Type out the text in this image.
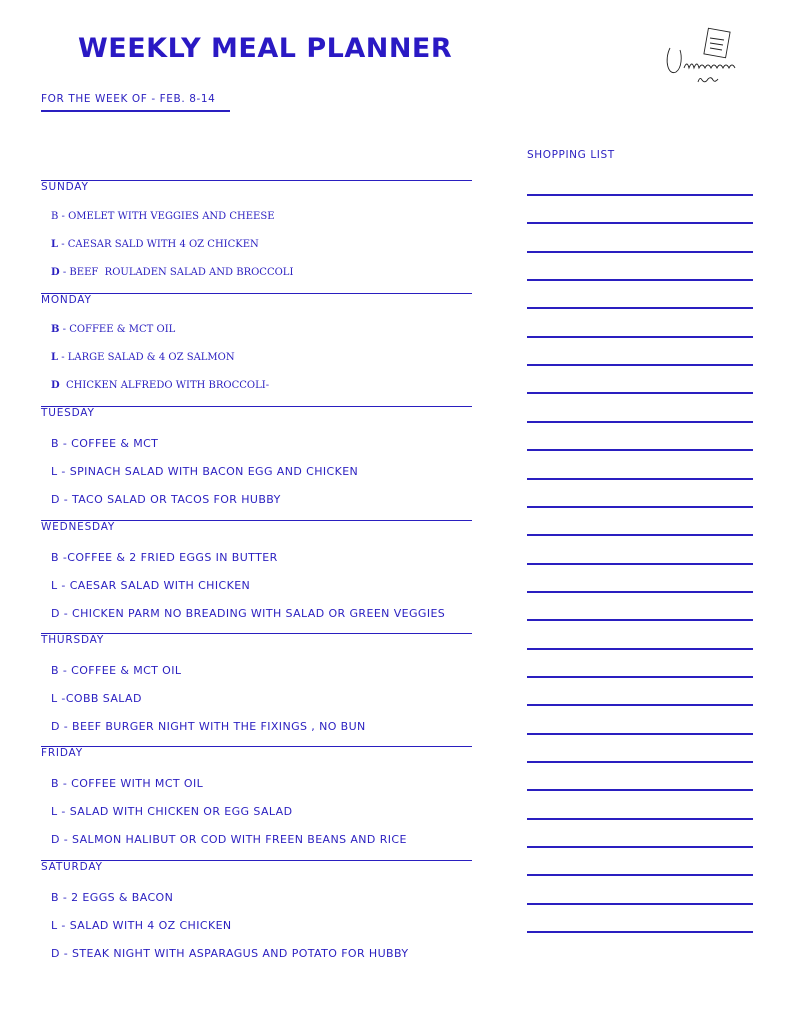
WEEKLY MEAL PLANNER
FOR THE WEEK OF - FEB. 8-14
SHOPPING LIST
SUNDAY
B - OMELET WITH VEGGIES AND CHEESE
L - CAESAR SALD WITH 4 OZ CHICKEN
D - BEEF  ROULADEN SALAD AND BROCCOLI
MONDAY
B - COFFEE & MCT OIL
L - LARGE SALAD & 4 OZ SALMON
D CHICKEN ALFREDO WITH BROCCOLI-
TUESDAY
B - COFFEE & MCT
L - SPINACH SALAD WITH BACON EGG AND CHICKEN
D - TACO SALAD OR TACOS FOR HUBBY
WEDNESDAY
B -COFFEE & 2 FRIED EGGS IN BUTTER
L - CAESAR SALAD WITH CHICKEN
D - CHICKEN PARM NO BREADING WITH SALAD OR GREEN VEGGIES
THURSDAY
B - COFFEE & MCT OIL
L -COBB SALAD
D - BEEF BURGER NIGHT WITH THE FIXINGS , NO BUN
FRIDAY
B - COFFEE WITH MCT OIL
L - SALAD WITH CHICKEN OR EGG SALAD
D - SALMON HALIBUT OR COD WITH FREEN BEANS AND RICE
SATURDAY
B - 2 EGGS & BACON
L - SALAD WITH 4 OZ CHICKEN
D - STEAK NIGHT WITH ASPARAGUS AND POTATO FOR HUBBY
